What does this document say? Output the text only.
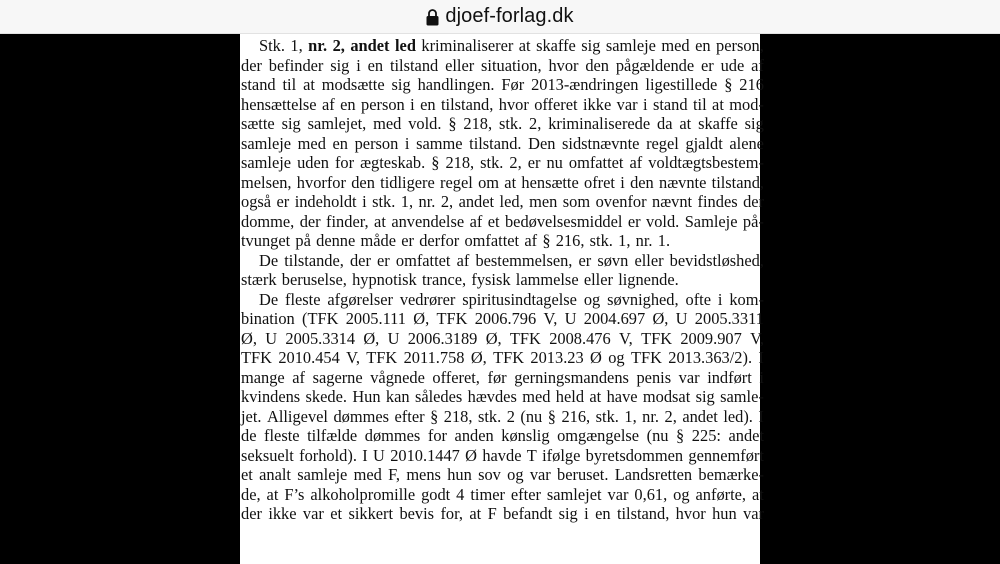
djoef-forlag.dk
Stk. 1, nr. 2, andet led kriminaliserer at skaffe sig samleje med en person,
der befinder sig i en tilstand eller situation, hvor den pågældende er ude af
stand til at modsætte sig handlingen. Før 2013-ændringen ligestillede § 216
hensættelse af en person i en tilstand, hvor offeret ikke var i stand til at mod-
sætte sig samlejet, med vold. § 218, stk. 2, kriminaliserede da at skaffe sig
samleje med en person i samme tilstand. Den sidstnævnte regel gjaldt alene
samleje uden for ægteskab. § 218, stk. 2, er nu omfattet af voldtægtsbestem-
melsen, hvorfor den tidligere regel om at hensætte ofret i den nævnte tilstand,
også er indeholdt i stk. 1, nr. 2, andet led, men som ovenfor nævnt findes der
domme, der finder, at anvendelse af et bedøvelsesmiddel er vold. Samleje på-
tvunget på denne måde er derfor omfattet af § 216, stk. 1, nr. 1.
De tilstande, der er omfattet af bestemmelsen, er søvn eller bevidstløshed,
stærk beruselse, hypnotisk trance, fysisk lammelse eller lignende.
De fleste afgørelser vedrører spiritusindtagelse og søvnighed, ofte i kom-
bination (TFK 2005.111 Ø, TFK 2006.796 V, U 2004.697 Ø, U 2005.3311
Ø, U 2005.3314 Ø, U 2006.3189 Ø, TFK 2008.476 V, TFK 2009.907 V,
TFK 2010.454 V, TFK 2011.758 Ø, TFK 2013.23 Ø og TFK 2013.363/2). I
mange af sagerne vågnede offeret, før gerningsmandens penis var indført i
kvindens skede. Hun kan således hævdes med held at have modsat sig samle-
jet. Alligevel dømmes efter § 218, stk. 2 (nu § 216, stk. 1, nr. 2, andet led). I
de fleste tilfælde dømmes for anden kønslig omgængelse (nu § 225: andet
seksuelt forhold). I U 2010.1447 Ø havde T ifølge byretsdommen gennemført
et analt samleje med F, mens hun sov og var beruset. Landsretten bemærke-
de, at F’s alkoholpromille godt 4 timer efter samlejet var 0,61, og anførte, at
der ikke var et sikkert bevis for, at F befandt sig i en tilstand, hvor hun var
